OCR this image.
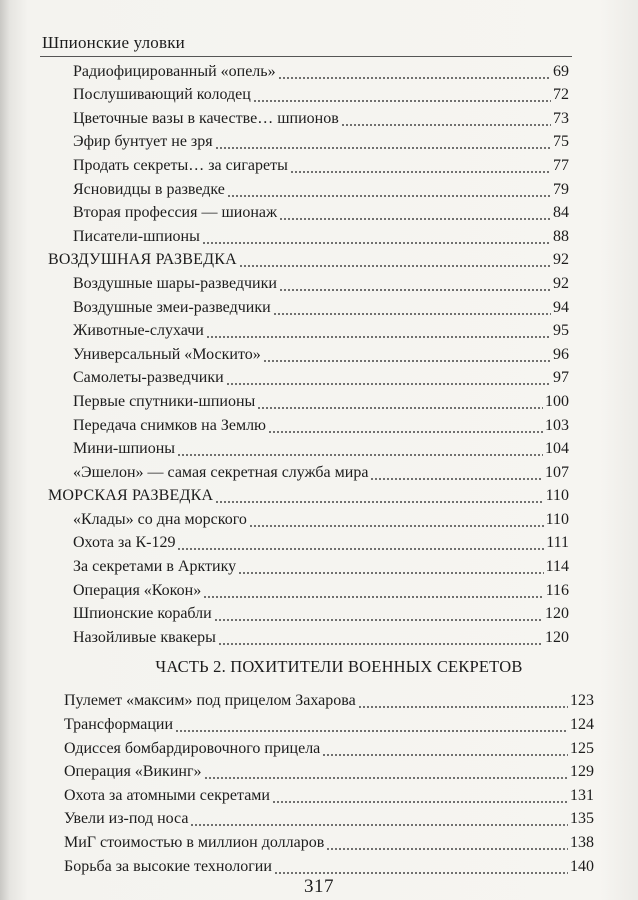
Шпионские уловки
Радиофицированный «опель»	69
Послушивающий колодец	72
Цветочные вазы в качестве… шпионов	73
Эфир бунтует не зря	75
Продать секреты… за сигареты	77
Ясновидцы в разведке	79
Вторая профессия — шионаж	84
Писатели-шпионы	88
ВОЗДУШНАЯ РАЗВЕДКА	92
Воздушные шары-разведчики	92
Воздушные змеи-разведчики	94
Животные-слухачи	95
Универсальный «Москито»	96
Самолеты-разведчики	97
Первые спутники-шпионы	100
Передача снимков на Землю	103
Мини-шпионы	104
«Эшелон» — самая секретная служба мира	107
МОРСКАЯ РАЗВЕДКА	110
«Клады» со дна морского	110
Охота за К-129	111
За секретами в Арктику	114
Операция «Кокон»	116
Шпионские корабли	120
Назойливые квакеры	120
ЧАСТЬ 2. ПОХИТИТЕЛИ ВОЕННЫХ СЕКРЕТОВ
Пулемет «максим» под прицелом Захарова	123
Трансформации	124
Одиссея бомбардировочного прицела	125
Операция «Викинг»	129
Охота за атомными секретами	131
Увели из-под носа	135
МиГ стоимостью в миллион долларов	138
Борьба за высокие технологии	140
317
